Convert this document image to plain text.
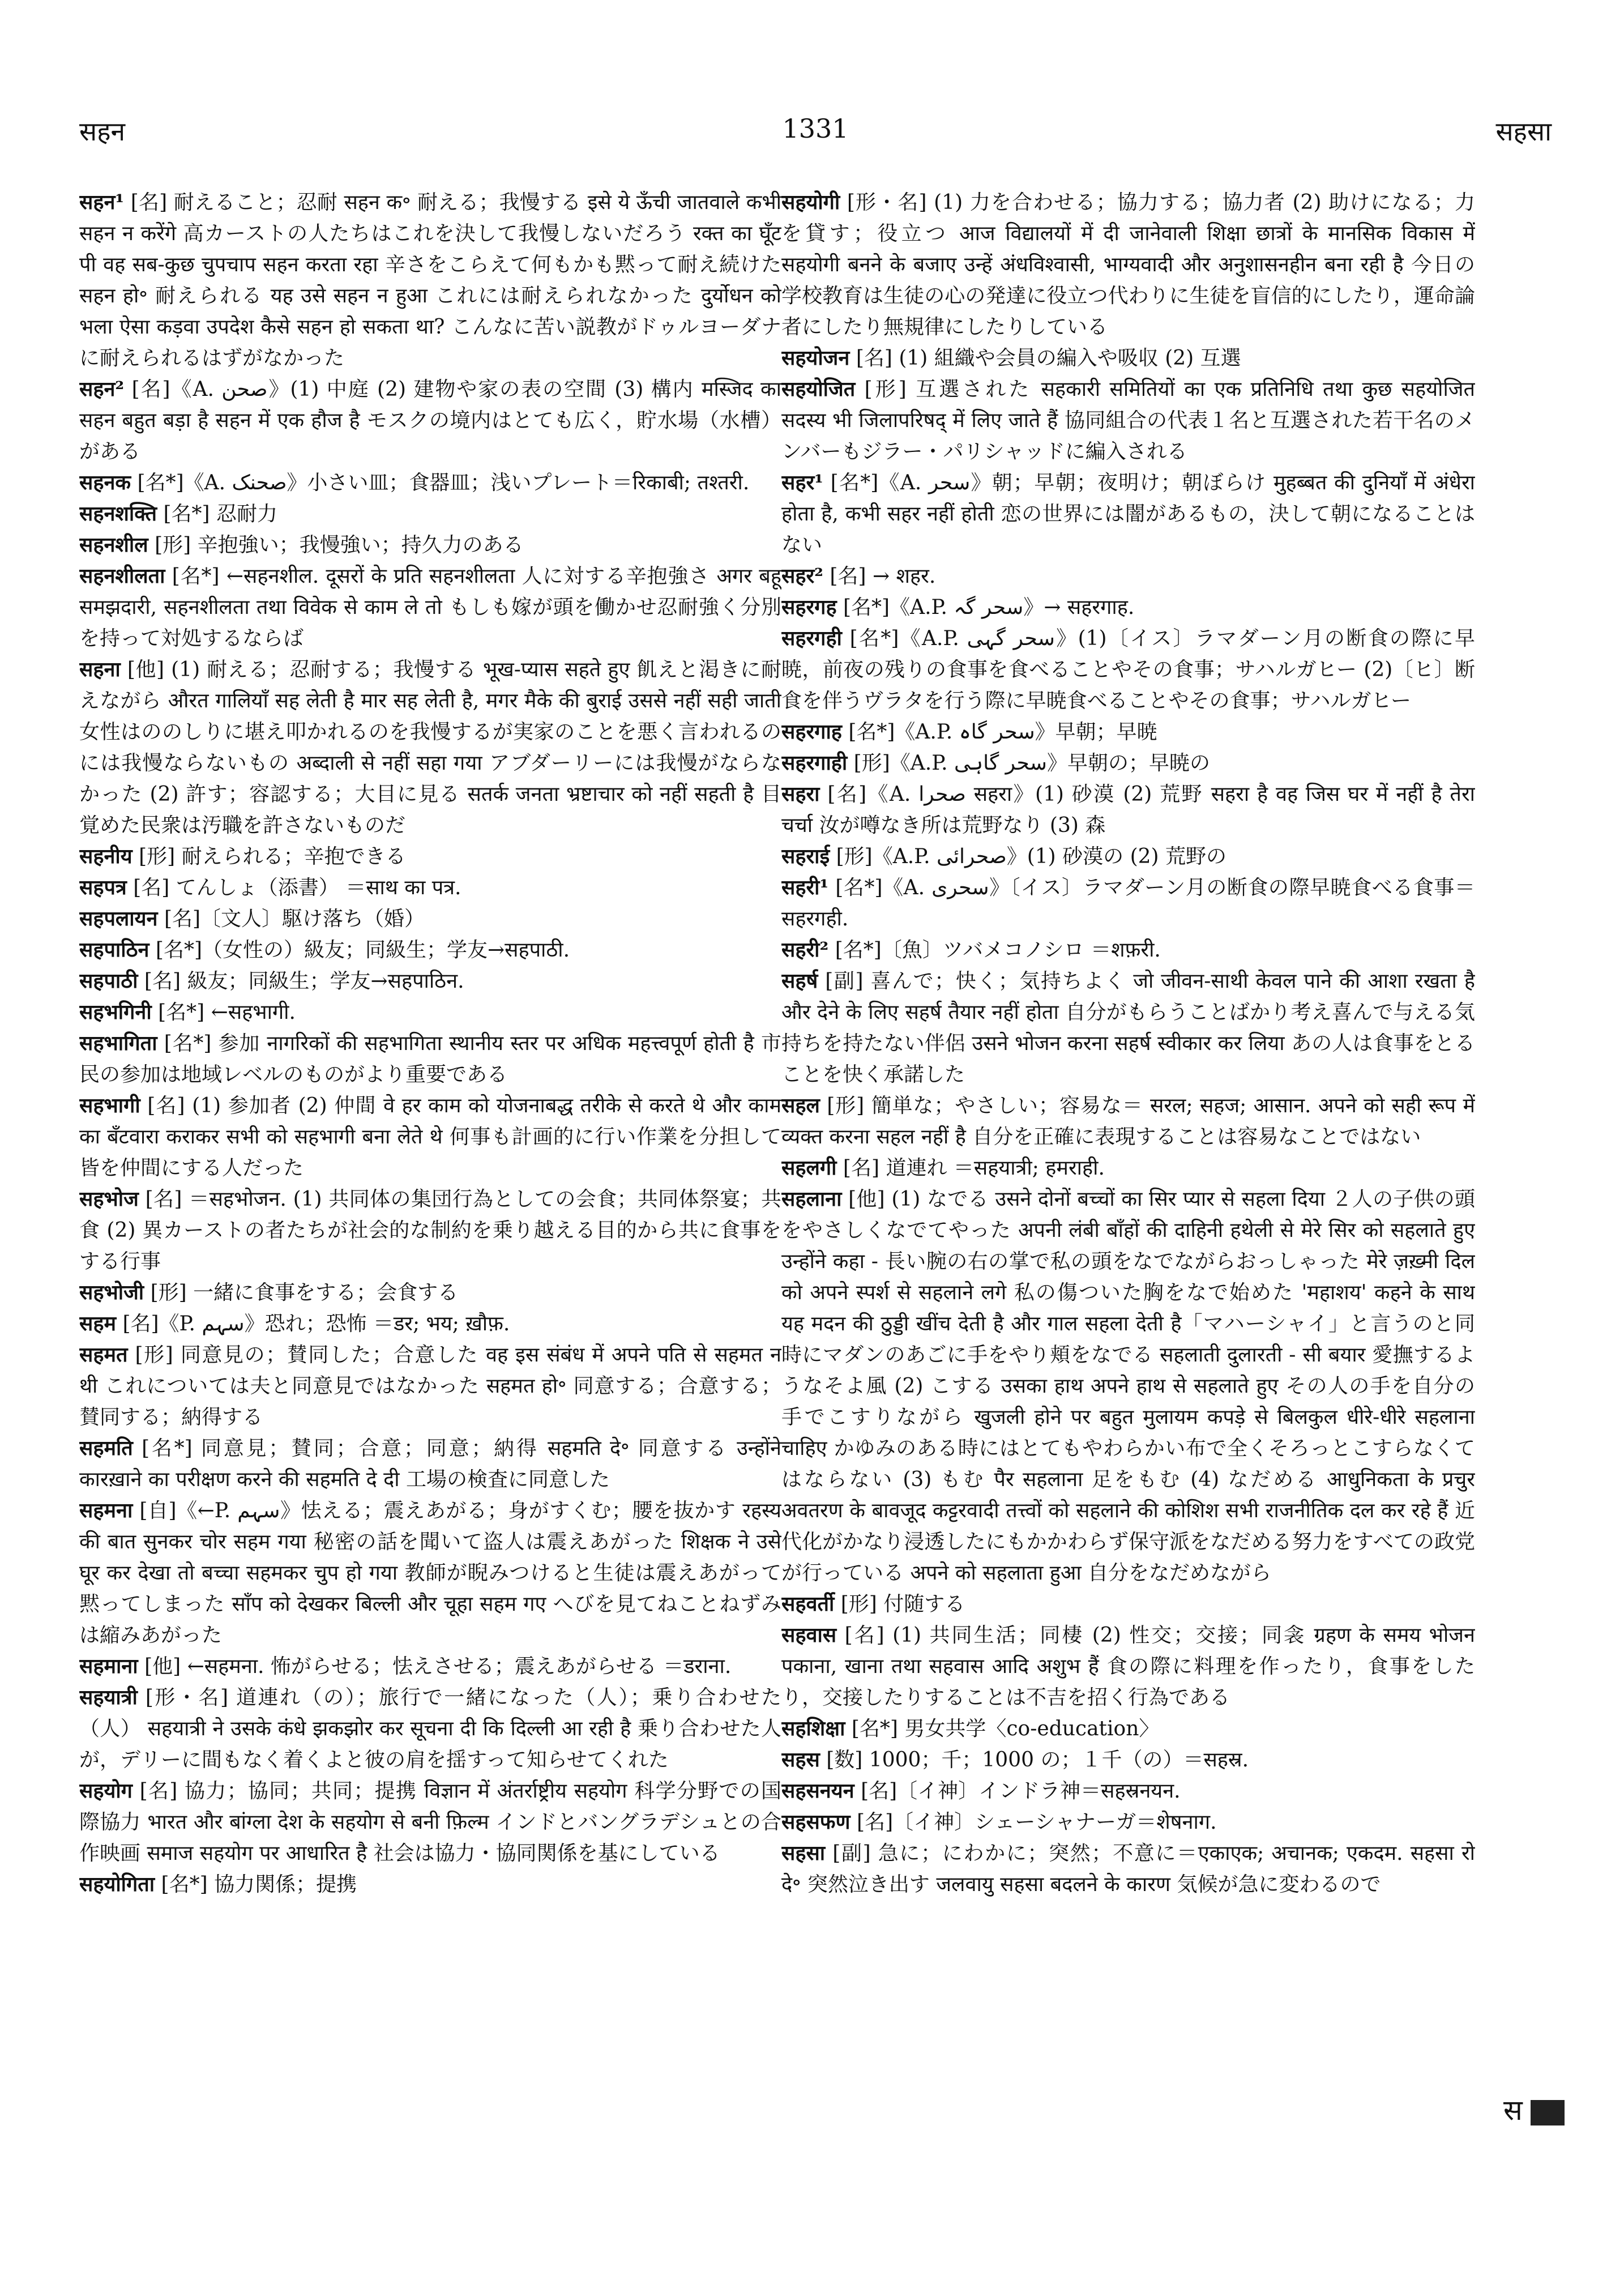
सहन	1331	सहसा

सहन¹ [名] 耐えること；忍耐 सहन क॰ 耐える；我慢する इसे ये ऊँची जातवाले कभी सहन न करेंगे 高カーストの人たちはこれを決して我慢しないだろう रक्त का घूँट पी वह सब-कुछ चुपचाप सहन करता रहा 辛さをこらえて何もかも黙って耐え続けた सहन हो॰ 耐えられる यह उसे सहन न हुआ これには耐えられなかった दुर्योधन को भला ऐसा कड़वा उपदेश कैसे सहन हो सकता था? こんなに苦い説教がドゥルヨーダナに耐えられるはずがなかった

सहन² [名]《A. صحن》(1) 中庭 (2) 建物や家の表の空間 (3) 構内 मस्जिद का सहन बहुत बड़ा है सहन में एक हौज है モスクの境内はとても広く，貯水場（水槽）がある

सहनक [名*]《A. صحنک》小さい皿；食器皿；浅いプレート＝रिकाबी; तश्तरी.

सहनशक्ति [名*] 忍耐力

सहनशील [形] 辛抱強い；我慢強い；持久力のある

सहनशीलता [名*] ←सहनशील. दूसरों के प्रति सहनशीलता 人に対する辛抱強さ अगर बहू समझदारी, सहनशीलता तथा विवेक से काम ले तो もしも嫁が頭を働かせ忍耐強く分別を持って対処するならば

सहना [他] (1) 耐える；忍耐する；我慢する भूख-प्यास सहते हुए 飢えと渇きに耐えながら औरत गालियाँ सह लेती है मार सह लेती है, मगर मैके की बुराई उससे नहीं सही जाती 女性はののしりに堪え叩かれるのを我慢するが実家のことを悪く言われるのには我慢ならないもの अब्दाली से नहीं सहा गया アブダーリーには我慢がならなかった (2) 許す；容認する；大目に見る सतर्क जनता भ्रष्टाचार को नहीं सहती है 目覚めた民衆は汚職を許さないものだ

सहनीय [形] 耐えられる；辛抱できる

सहपत्र [名] てんしょ（添書） ＝साथ का पत्र.

सहपलायन [名]〔文人〕駆け落ち（婚）

सहपाठिन [名*]（女性の）級友；同級生；学友→सहपाठी.

सहपाठी [名] 級友；同級生；学友→सहपाठिन.

सहभगिनी [名*] ←सहभागी.

सहभागिता [名*] 参加 नागरिकों की सहभागिता स्थानीय स्तर पर अधिक महत्त्वपूर्ण होती है 市民の参加は地域レベルのものがより重要である

सहभागी [名] (1) 参加者 (2) 仲間 वे हर काम को योजनाबद्ध तरीके से करते थे और काम का बँटवारा कराकर सभी को सहभागी बना लेते थे 何事も計画的に行い作業を分担して皆を仲間にする人だった

सहभोज [名] ＝सहभोजन. (1) 共同体の集団行為としての会食；共同体祭宴；共食 (2) 異カーストの者たちが社会的な制約を乗り越える目的から共に食事をする行事

सहभोजी [形] 一緒に食事をする；会食する

सहम [名]《P. سہم》恐れ；恐怖 ＝डर; भय; ख़ौफ़.

सहमत [形] 同意見の；賛同した；合意した वह इस संबंध में अपने पति से सहमत न थी これについては夫と同意見ではなかった सहमत हो॰ 同意する；合意する；賛同する；納得する

सहमति [名*] 同意見；賛同；合意；同意；納得 सहमति दे॰ 同意する उन्होंने कारख़ाने का परीक्षण करने की सहमति दे दी 工場の検査に同意した

सहमना [自]《←P. سہم》怯える；震えあがる；身がすくむ；腰を抜かす रहस्य की बात सुनकर चोर सहम गया 秘密の話を聞いて盗人は震えあがった शिक्षक ने उसे घूर कर देखा तो बच्चा सहमकर चुप हो गया 教師が睨みつけると生徒は震えあがって黙ってしまった साँप को देखकर बिल्ली और चूहा सहम गए へびを見てねことねずみは縮みあがった

सहमाना [他] ←सहमना. 怖がらせる；怯えさせる；震えあがらせる ＝डराना.

सहयात्री [形・名] 道連れ（の）；旅行で一緒になった（人）；乗り合わせた（人） सहयात्री ने उसके कंधे झकझोर कर सूचना दी कि दिल्ली आ रही है 乗り合わせた人が，デリーに間もなく着くよと彼の肩を揺すって知らせてくれた

सहयोग [名] 協力；協同；共同；提携 विज्ञान में अंतर्राष्ट्रीय सहयोग 科学分野での国際協力 भारत और बांग्ला देश के सहयोग से बनी फ़िल्म インドとバングラデシュとの合作映画 समाज सहयोग पर आधारित है 社会は協力・協同関係を基にしている

सहयोगिता [名*] 協力関係；提携

सहयोगी [形・名] (1) 力を合わせる；協力する；協力者 (2) 助けになる；力を貸す；役立つ आज विद्यालयों में दी जानेवाली शिक्षा छात्रों के मानसिक विकास में सहयोगी बनने के बजाए उन्हें अंधविश्वासी, भाग्यवादी और अनुशासनहीन बना रही है 今日の学校教育は生徒の心の発達に役立つ代わりに生徒を盲信的にしたり，運命論者にしたり無規律にしたりしている

सहयोजन [名] (1) 組織や会員の編入や吸収 (2) 互選

सहयोजित [形] 互選された सहकारी समितियों का एक प्रतिनिधि तथा कुछ सहयोजित सदस्य भी जिलापरिषद् में लिए जाते हैं 協同組合の代表１名と互選された若干名のメンバーもジラー・パリシャッドに編入される

सहर¹ [名*]《A. سحر》朝；早朝；夜明け；朝ぼらけ मुहब्बत की दुनियाँ में अंधेरा होता है, कभी सहर नहीं होती 恋の世界には闇があるもの，決して朝になることはない

सहर² [名] → शहर.

सहरगह [名*]《A.P. سحر گہ》→ सहरगाह.

सहरगही [名*]《A.P. سحر گہی》(1)〔イス〕ラマダーン月の断食の際に早暁，前夜の残りの食事を食べることやその食事；サハルガヒー (2)〔ヒ〕断食を伴うヴラタを行う際に早暁食べることやその食事；サハルガヒー

सहरगाह [名*]《A.P. سحر گاہ》早朝；早暁

सहरगाही [形]《A.P. سحر گاہی》早朝の；早暁の

सहरा [名]《A. صحرا सहरा》(1) 砂漠 (2) 荒野 सहरा है वह जिस घर में नहीं है तेरा चर्चा 汝が噂なき所は荒野なり (3) 森

सहराई [形]《A.P. صحرائی》(1) 砂漠の (2) 荒野の

सहरी¹ [名*]《A. سحری》〔イス〕ラマダーン月の断食の際早暁食べる食事＝सहरगही.

सहरी² [名*]〔魚〕ツバメコノシロ ＝शफ़री.

सहर्ष [副] 喜んで；快く；気持ちよく जो जीवन-साथी केवल पाने की आशा रखता है और देने के लिए सहर्ष तैयार नहीं होता 自分がもらうことばかり考え喜んで与える気持ちを持たない伴侶 उसने भोजन करना सहर्ष स्वीकार कर लिया あの人は食事をとることを快く承諾した

सहल [形] 簡単な；やさしい；容易な＝ सरल; सहज; आसान. अपने को सही रूप में व्यक्त करना सहल नहीं है 自分を正確に表現することは容易なことではない

सहलगी [名] 道連れ ＝सहयात्री; हमराही.

सहलाना [他] (1) なでる उसने दोनों बच्चों का सिर प्यार से सहला दिया ２人の子供の頭をやさしくなでてやった अपनी लंबी बाँहों की दाहिनी हथेली से मेरे सिर को सहलाते हुए उन्होंने कहा - 長い腕の右の掌で私の頭をなでながらおっしゃった मेरे ज़ख़्मी दिल को अपने स्पर्श से सहलाने लगे 私の傷ついた胸をなで始めた 'महाशय' कहने के साथ यह मदन की ठुड्डी खींच देती है और गाल सहला देती है「マハーシャイ」と言うのと同時にマダンのあごに手をやり頬をなでる सहलाती दुलारती - सी बयार 愛撫するようなそよ風 (2) こする उसका हाथ अपने हाथ से सहलाते हुए その人の手を自分の手でこすりながら खुजली होने पर बहुत मुलायम कपड़े से बिलकुल धीरे-धीरे सहलाना चाहिए かゆみのある時にはとてもやわらかい布で全くそろっとこすらなくてはならない (3) もむ पैर सहलाना 足をもむ (4) なだめる आधुनिकता के प्रचुर अवतरण के बावजूद कट्टरवादी तत्त्वों को सहलाने की कोशिश सभी राजनीतिक दल कर रहे हैं 近代化がかなり浸透したにもかかわらず保守派をなだめる努力をすべての政党が行っている अपने को सहलाता हुआ 自分をなだめながら

सहवर्ती [形] 付随する

सहवास [名] (1) 共同生活；同棲 (2) 性交；交接；同衾 ग्रहण के समय भोजन पकाना, खाना तथा सहवास आदि अशुभ हैं 食の際に料理を作ったり，食事をしたり，交接したりすることは不吉を招く行為である

सहशिक्षा [名*] 男女共学〈co-education〉

सहस [数] 1000；千；1000 の；１千（の）＝सहस्र.

सहसनयन [名]〔イ神〕インドラ神＝सहस्रनयन.

सहसफण [名]〔イ神〕シェーシャナーガ＝शेषनाग.

सहसा [副] 急に；にわかに；突然；不意に＝एकाएक; अचानक; एकदम. सहसा रो दे॰ 突然泣き出す जलवायु सहसा बदलने के कारण 気候が急に変わるので

स
